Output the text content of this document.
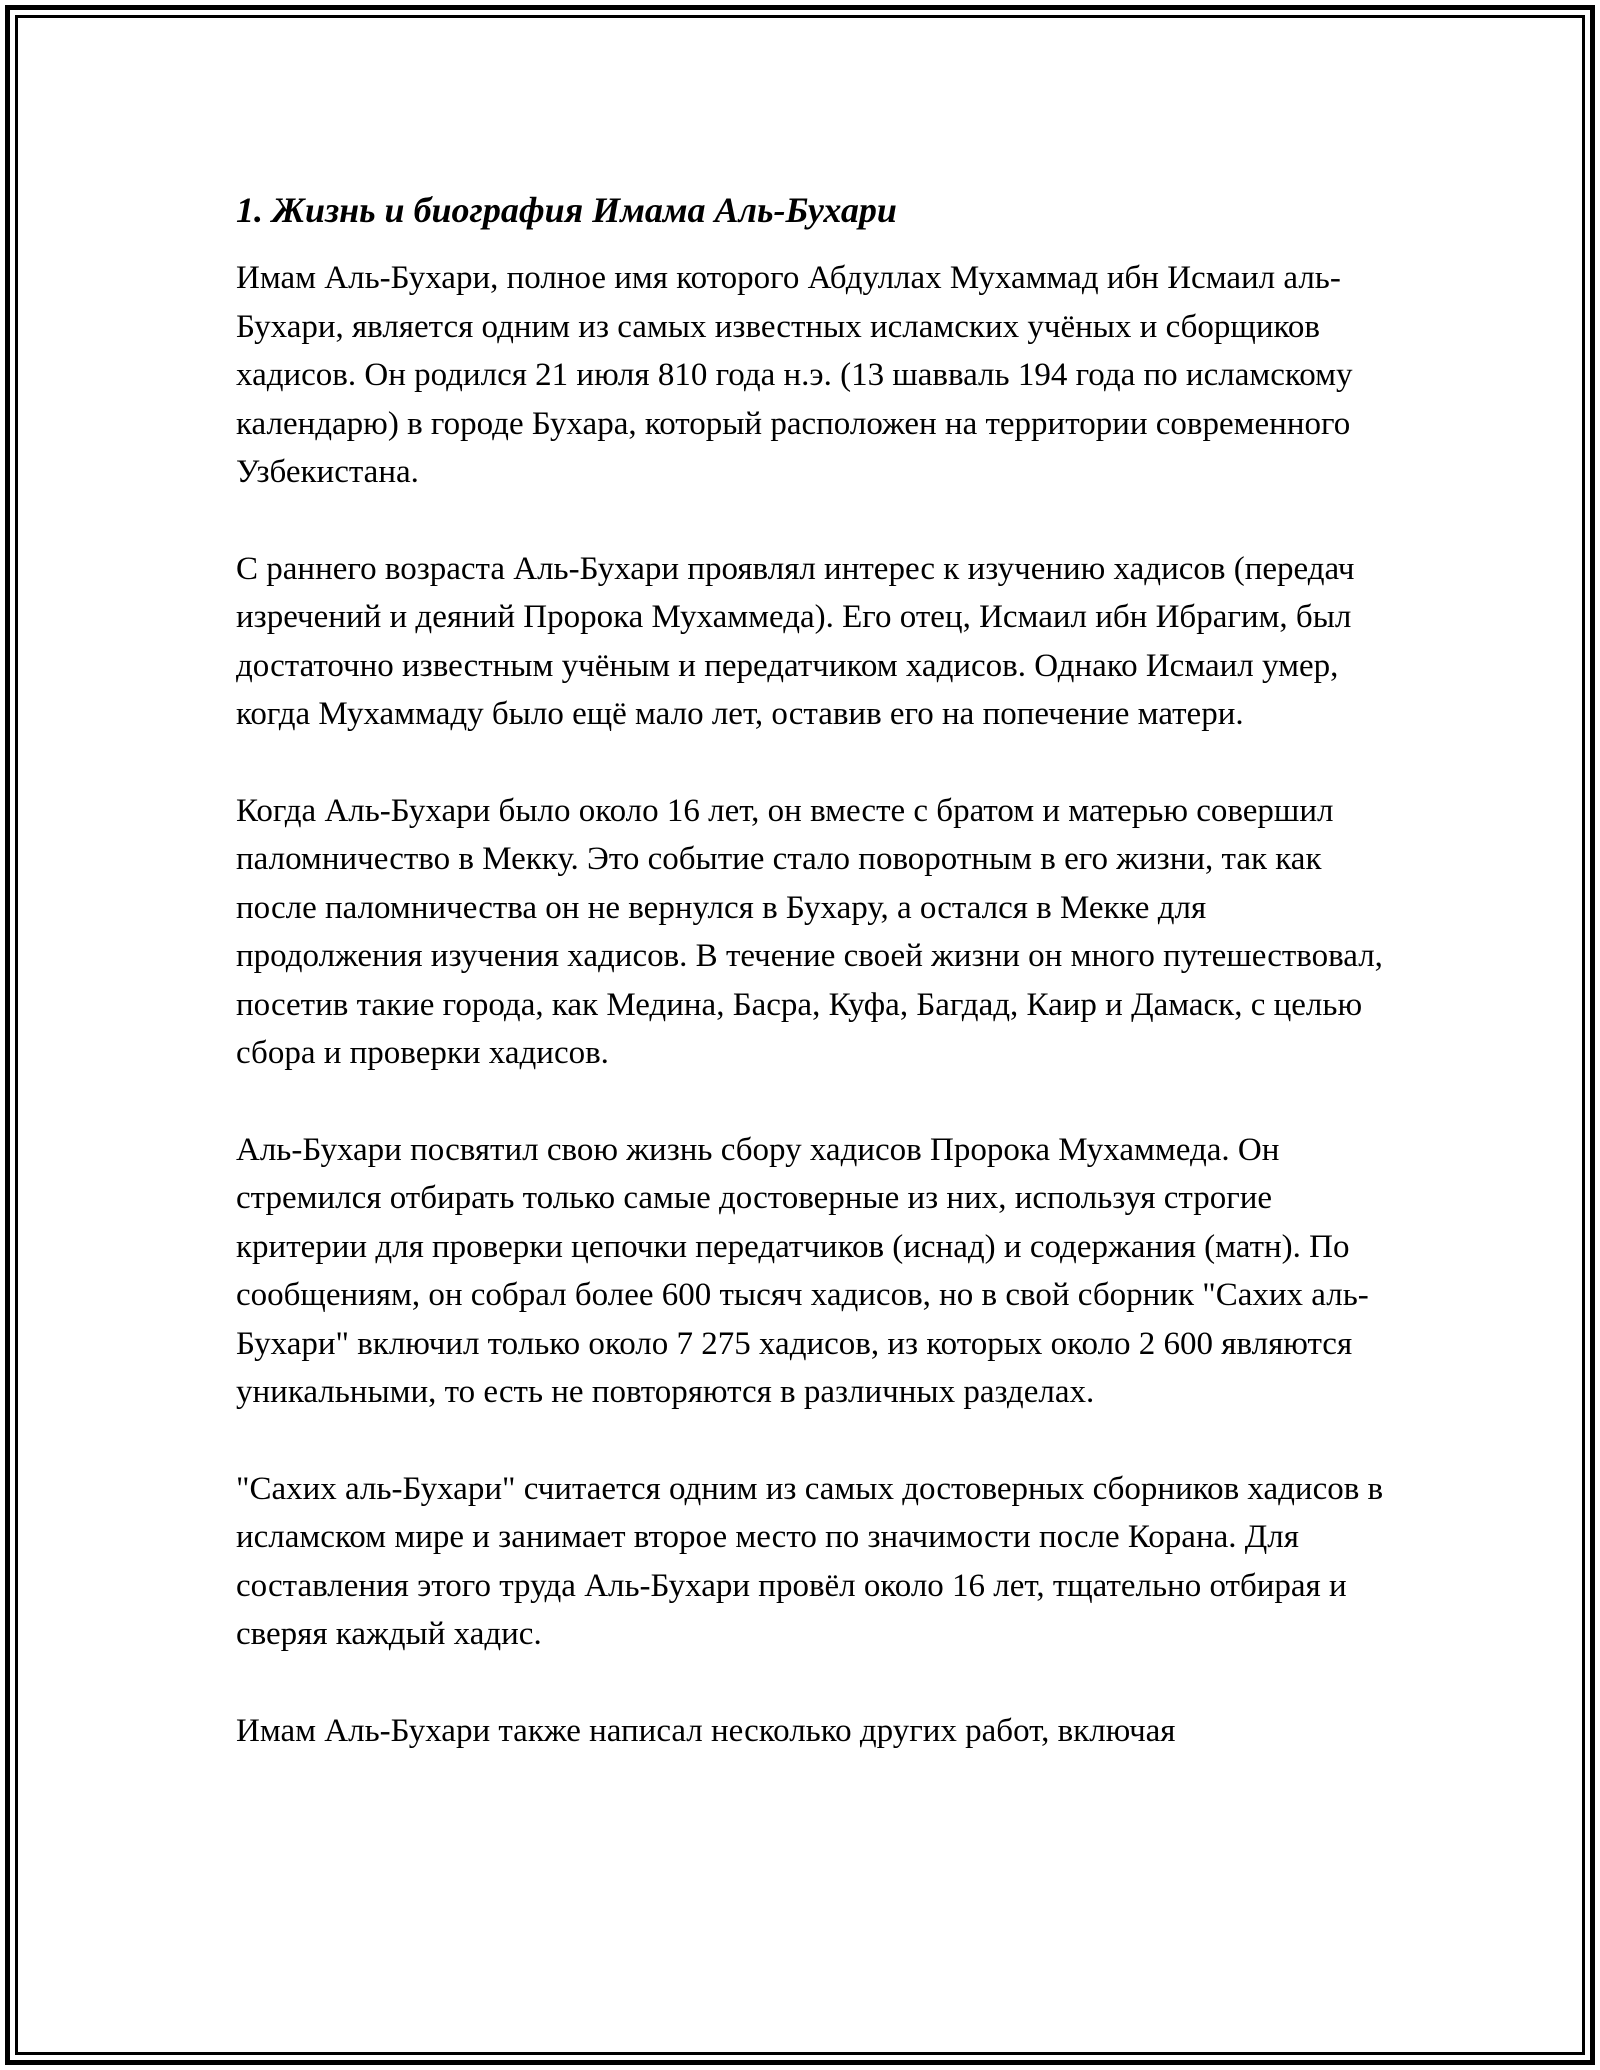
1. Жизнь и биография Имама Аль-Бухари

Имам Аль-Бухари, полное имя которого Абдуллах Мухаммад ибн Исмаил аль-Бухари, является одним из самых известных исламских учёных и сборщиков хадисов. Он родился 21 июля 810 года н.э. (13 шавваль 194 года по исламскому календарю) в городе Бухара, который расположен на территории современного Узбекистана.

С раннего возраста Аль-Бухари проявлял интерес к изучению хадисов (передач изречений и деяний Пророка Мухаммеда). Его отец, Исмаил ибн Ибрагим, был достаточно известным учёным и передатчиком хадисов. Однако Исмаил умер, когда Мухаммаду было ещё мало лет, оставив его на попечение матери.

Когда Аль-Бухари было около 16 лет, он вместе с братом и матерью совершил паломничество в Мекку. Это событие стало поворотным в его жизни, так как после паломничества он не вернулся в Бухару, а остался в Мекке для продолжения изучения хадисов. В течение своей жизни он много путешествовал, посетив такие города, как Медина, Басра, Куфа, Багдад, Каир и Дамаск, с целью сбора и проверки хадисов.

Аль-Бухари посвятил свою жизнь сбору хадисов Пророка Мухаммеда. Он стремился отбирать только самые достоверные из них, используя строгие критерии для проверки цепочки передатчиков (иснад) и содержания (матн). По сообщениям, он собрал более 600 тысяч хадисов, но в свой сборник "Сахих аль-Бухари" включил только около 7 275 хадисов, из которых около 2 600 являются уникальными, то есть не повторяются в различных разделах.

"Сахих аль-Бухари" считается одним из самых достоверных сборников хадисов в исламском мире и занимает второе место по значимости после Корана. Для составления этого труда Аль-Бухари провёл около 16 лет, тщательно отбирая и сверяя каждый хадис.

Имам Аль-Бухари также написал несколько других работ, включая
